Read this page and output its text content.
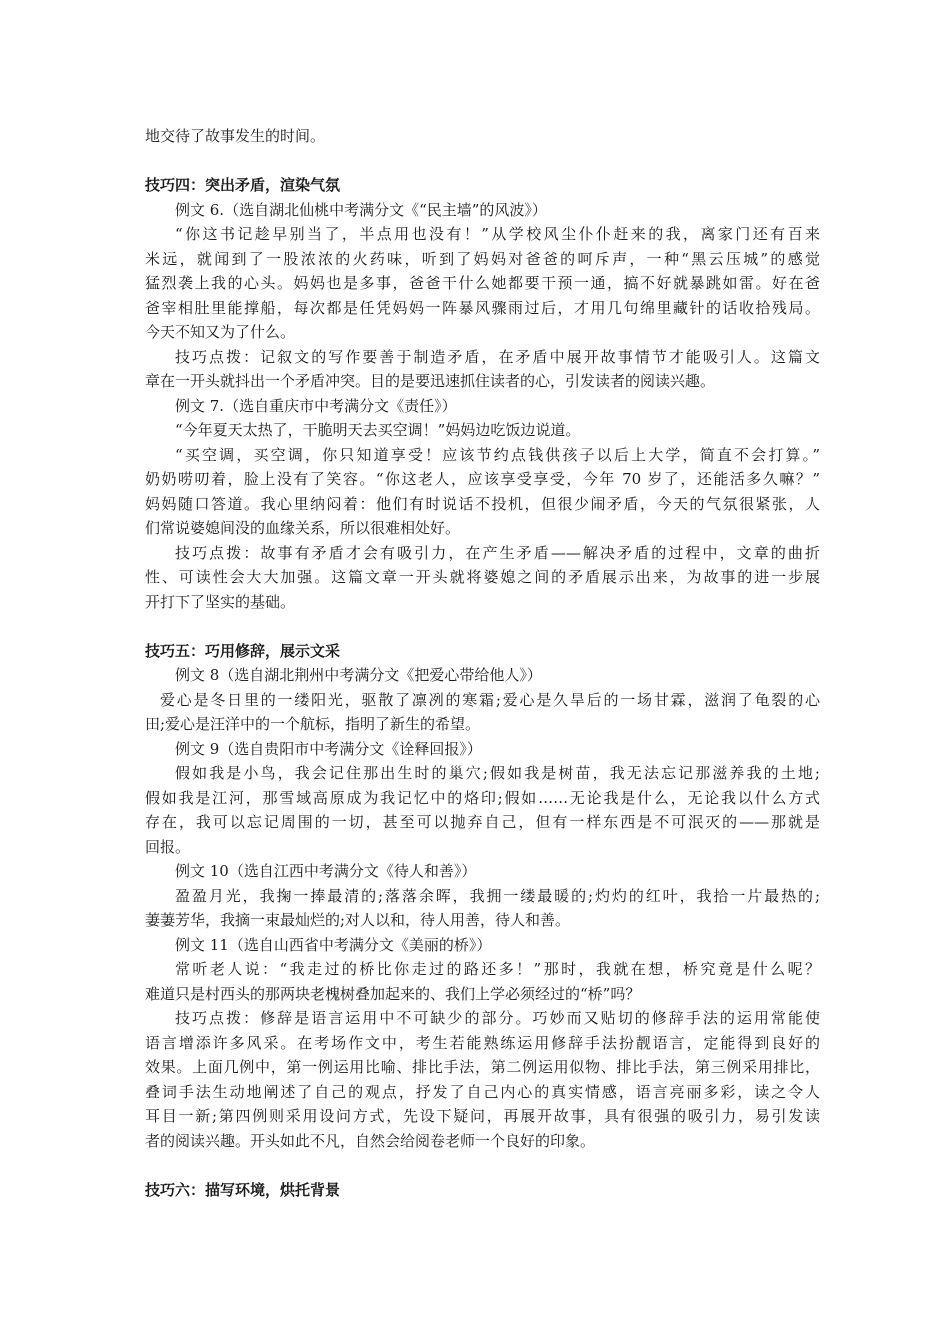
地交待了故事发生的时间。

技巧四：突出矛盾，渲染气氛

例文 6.（选自湖北仙桃中考满分文《“民主墙”的风波》）

“你这书记趁早别当了，半点用也没有！”从学校风尘仆仆赶来的我，离家门还有百来

米远，就闻到了一股浓浓的火药味，听到了妈妈对爸爸的呵斥声，一种“黑云压城”的感觉

猛烈袭上我的心头。妈妈也是多事，爸爸干什么她都要干预一通，搞不好就暴跳如雷。好在爸

爸宰相肚里能撑船，每次都是任凭妈妈一阵暴风骤雨过后，才用几句绵里藏针的话收拾残局。

今天不知又为了什么。

技巧点拨：记叙文的写作要善于制造矛盾，在矛盾中展开故事情节才能吸引人。这篇文

章在一开头就抖出一个矛盾冲突。目的是要迅速抓住读者的心，引发读者的阅读兴趣。

例文 7.（选自重庆市中考满分文《责任》）

“今年夏天太热了，干脆明天去买空调！”妈妈边吃饭边说道。

“买空调，买空调，你只知道享受！应该节约点钱供孩子以后上大学，简直不会打算。”

奶奶唠叨着，脸上没有了笑容。“你这老人，应该享受享受，今年 70 岁了，还能活多久嘛？”

妈妈随口答道。我心里纳闷着：他们有时说话不投机，但很少闹矛盾，今天的气氛很紧张，人

们常说婆媳间没的血缘关系，所以很难相处好。

技巧点拨：故事有矛盾才会有吸引力，在产生矛盾——解决矛盾的过程中，文章的曲折

性、可读性会大大加强。这篇文章一开头就将婆媳之间的矛盾展示出来，为故事的进一步展

开打下了坚实的基础。

技巧五：巧用修辞，展示文采

例文 8（选自湖北荆州中考满分文《把爱心带给他人》）

爱心是冬日里的一缕阳光，驱散了凛冽的寒霜;爱心是久旱后的一场甘霖，滋润了龟裂的心

田;爱心是汪洋中的一个航标，指明了新生的希望。

例文 9（选自贵阳市中考满分文《诠释回报》）

假如我是小鸟，我会记住那出生时的巢穴;假如我是树苗，我无法忘记那滋养我的土地;

假如我是江河，那雪域高原成为我记忆中的烙印;假如……无论我是什么，无论我以什么方式

存在，我可以忘记周围的一切，甚至可以抛弃自己，但有一样东西是不可泯灭的——那就是

回报。

例文 10（选自江西中考满分文《待人和善》）

盈盈月光，我掬一捧最清的;落落余晖，我拥一缕最暖的;灼灼的红叶，我拾一片最热的;

萋萋芳华，我摘一束最灿烂的;对人以和，待人用善，待人和善。

例文 11（选自山西省中考满分文《美丽的桥》）

常听老人说：“我走过的桥比你走过的路还多！”那时，我就在想，桥究竟是什么呢？

难道只是村西头的那两块老槐树叠加起来的、我们上学必须经过的“桥”吗？

技巧点拨：修辞是语言运用中不可缺少的部分。巧妙而又贴切的修辞手法的运用常能使

语言增添许多风采。在考场作文中，考生若能熟练运用修辞手法扮靓语言，定能得到良好的

效果。上面几例中，第一例运用比喻、排比手法，第二例运用似物、排比手法，第三例采用排比，

叠词手法生动地阐述了自己的观点，抒发了自己内心的真实情感，语言亮丽多彩，读之令人

耳目一新;第四例则采用设问方式，先设下疑问，再展开故事，具有很强的吸引力，易引发读

者的阅读兴趣。开头如此不凡，自然会给阅卷老师一个良好的印象。

技巧六：描写环境，烘托背景
